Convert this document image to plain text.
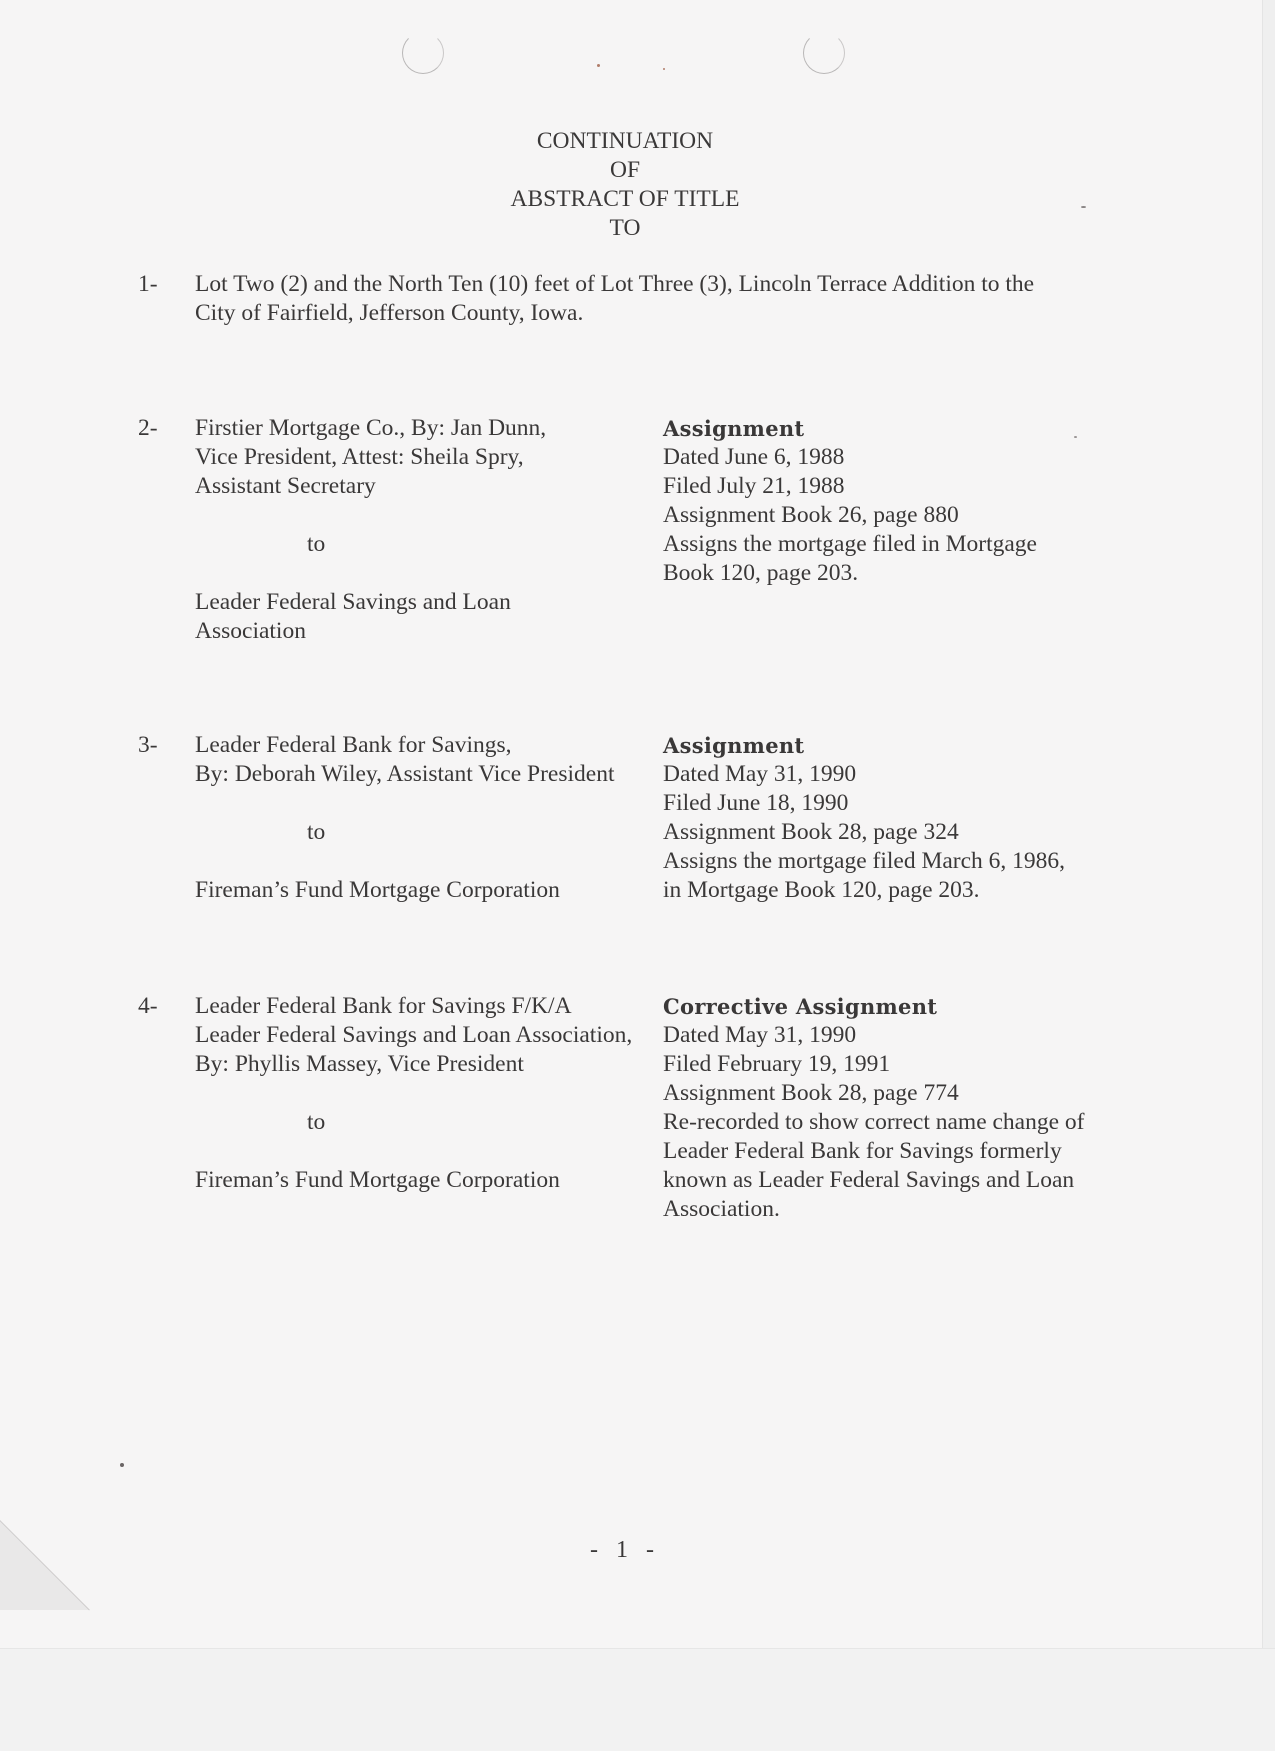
CONTINUATION
OF
ABSTRACT OF TITLE
TO
1- Lot Two (2) and the North Ten (10) feet of Lot Three (3), Lincoln Terrace Addition to the
City of Fairfield, Jefferson County, Iowa.
2- Firstier Mortgage Co., By: Jan Dunn,
Vice President, Attest: Sheila Spry,
Assistant Secretary
to
Leader Federal Savings and Loan
Association
Assignment
Dated June 6, 1988
Filed July 21, 1988
Assignment Book 26, page 880
Assigns the mortgage filed in Mortgage
Book 120, page 203.
3- Leader Federal Bank for Savings,
By: Deborah Wiley, Assistant Vice President
to
Fireman’s Fund Mortgage Corporation
Assignment
Dated May 31, 1990
Filed June 18, 1990
Assignment Book 28, page 324
Assigns the mortgage filed March 6, 1986,
in Mortgage Book 120, page 203.
4- Leader Federal Bank for Savings F/K/A
Leader Federal Savings and Loan Association,
By: Phyllis Massey, Vice President
to
Fireman’s Fund Mortgage Corporation
Corrective Assignment
Dated May 31, 1990
Filed February 19, 1991
Assignment Book 28, page 774
Re-recorded to show correct name change of
Leader Federal Bank for Savings formerly
known as Leader Federal Savings and Loan
Association.
- 1 -
